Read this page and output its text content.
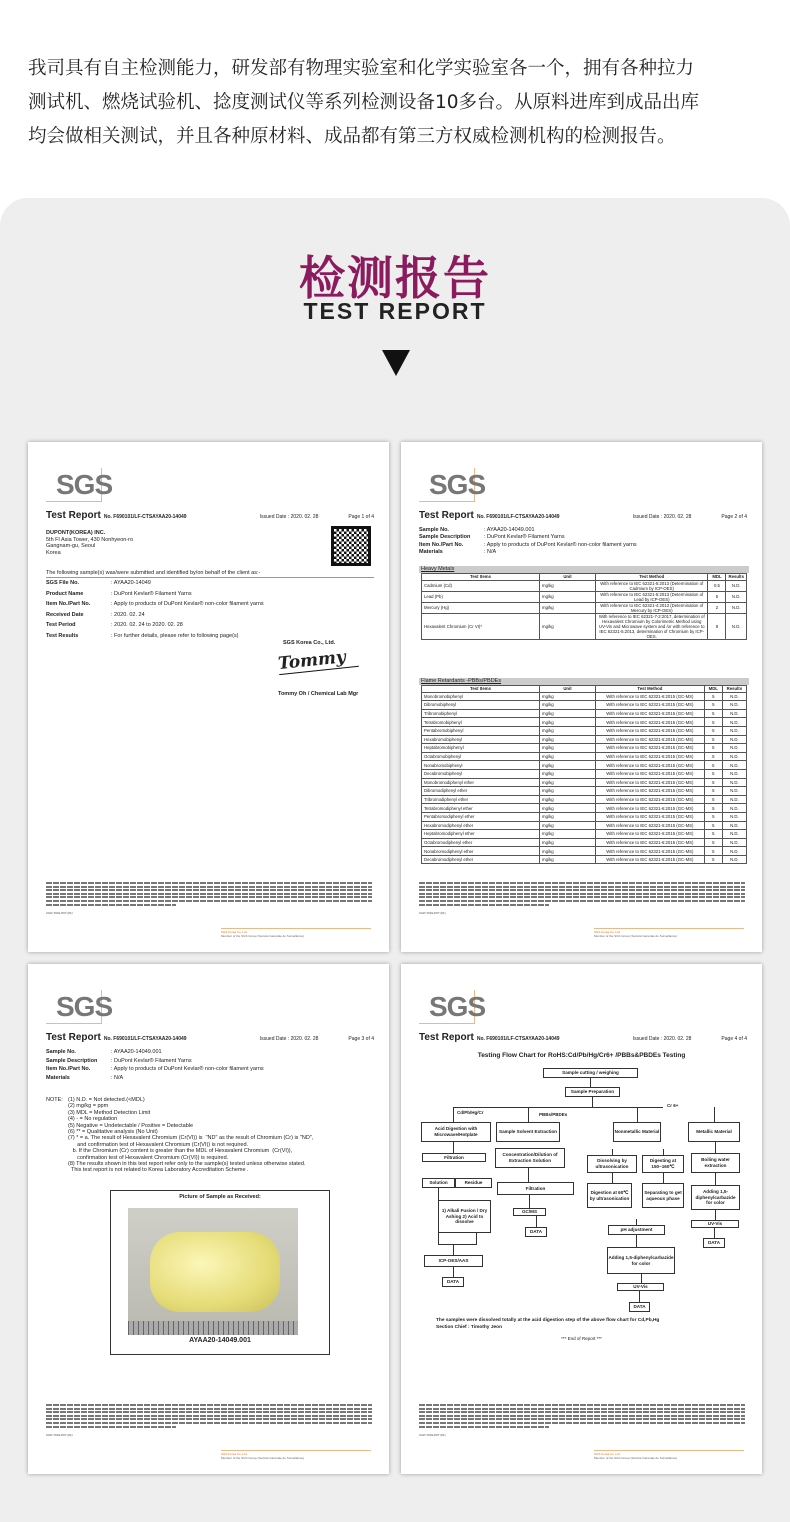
我司具有自主检测能力，研发部有物理实验室和化学实验室各一个，拥有各种拉力
测试机、燃烧试验机、捻度测试仪等系列检测设备10多台。从原料进库到成品出库
均会做相关测试，并且各种原材料、成品都有第三方权威检测机构的检测报告。
检测报告
TEST REPORT
SGS
Test Report No. F690101/LF-CTSAYAA20-14049	Issued Date : 2020. 02. 28	Page 1 of 4
DUPONT(KOREA) INC.
5th Fl Asia Tower, 430 Nonhyeon-ro
Gangnam-gu, Seoul
Korea
The following sample(s) was/were submitted and identified by/on behalf of the client as:-
SGS File No.	: AYAA20-14049
Product Name	: DuPont Kevlar® Filament Yarns
Item No./Part No.	: Apply to products of DuPont Kevlar® non-color filament yarns
Received Date	: 2020. 02. 24
Test Period	: 2020. 02. 24 to 2020. 02. 28
Test Results	: For further details, please refer to following page(s)
SGS Korea Co., Ltd.
Tommy
Tommy Oh / Chemical Lab Mgr
CGP-7001-P07 (01)
SGS Korea Co.,Ltd.
Member of the SGS Group (Société Générale de Surveillance)
SGS
Test Report No. F690101/LF-CTSAYAA20-14049	Issued Date : 2020. 02. 28	Page 2 of 4
Sample No.	: AYAA20-14049.001
Sample Description	: DuPont Kevlar® Filament Yarns
Item No./Part No.	: Apply to products of DuPont Kevlar® non-color filament yarns
Materials	: N/A
Heavy Metals
Test Items	Unit	Test Method	MDL	Results
Cadmium (Cd)	mg/kg	With reference to IEC 62321-5:2013 (Determination of Cadmium by ICP-OES)	0.5	N.D.
Lead (Pb)	mg/kg	With reference to IEC 62321-5:2013 (Determination of Lead by ICP-OES)	5	N.D.
Mercury (Hg)	mg/kg	With reference to IEC 62321-4:2013 (Determination of Mercury by ICP-OES)	2	N.D.
Hexavalent Chromium (Cr VI)*	mg/kg	With reference to IEC 62321-7-2:2017, determination of Hexavalent Chromium by Colorimetric Method using UV-Vis and Microwave system and /or with reference to IEC 62321-5:2013, determination of Chromium by ICP-OES.	8	N.D.
Flame Retardants -PBBs/PBDEs
Test Items	Unit	Test Method	MDL	Results
Monobromobiphenyl	mg/kg	With reference to IEC 62321-6:2015 (GC-MS)	5	N.D.
Dibromobiphenyl	mg/kg	With reference to IEC 62321-6:2015 (GC-MS)	5	N.D.
Tribromobiphenyl	mg/kg	With reference to IEC 62321-6:2015 (GC-MS)	5	N.D.
Tetrabromobiphenyl	mg/kg	With reference to IEC 62321-6:2015 (GC-MS)	5	N.D.
Pentabromobiphenyl	mg/kg	With reference to IEC 62321-6:2015 (GC-MS)	5	N.D.
Hexabromobiphenyl	mg/kg	With reference to IEC 62321-6:2015 (GC-MS)	5	N.D.
Heptabromobiphenyl	mg/kg	With reference to IEC 62321-6:2015 (GC-MS)	5	N.D.
Octabromobiphenyl	mg/kg	With reference to IEC 62321-6:2015 (GC-MS)	5	N.D.
Nonabromobiphenyl	mg/kg	With reference to IEC 62321-6:2015 (GC-MS)	5	N.D.
Decabromobiphenyl	mg/kg	With reference to IEC 62321-6:2015 (GC-MS)	5	N.D.
Monobromodiphenyl ether	mg/kg	With reference to IEC 62321-6:2015 (GC-MS)	5	N.D.
Dibromodiphenyl ether	mg/kg	With reference to IEC 62321-6:2015 (GC-MS)	5	N.D.
Tribromodiphenyl ether	mg/kg	With reference to IEC 62321-6:2015 (GC-MS)	5	N.D.
Tetrabromodiphenyl ether	mg/kg	With reference to IEC 62321-6:2015 (GC-MS)	5	N.D.
Pentabromodiphenyl ether	mg/kg	With reference to IEC 62321-6:2015 (GC-MS)	5	N.D.
Hexabromodiphenyl ether	mg/kg	With reference to IEC 62321-6:2015 (GC-MS)	5	N.D.
Heptabromodiphenyl ether	mg/kg	With reference to IEC 62321-6:2015 (GC-MS)	5	N.D.
Octabromodiphenyl ether	mg/kg	With reference to IEC 62321-6:2015 (GC-MS)	5	N.D.
Nonabromodiphenyl ether	mg/kg	With reference to IEC 62321-6:2015 (GC-MS)	5	N.D.
Decabromodiphenyl ether	mg/kg	With reference to IEC 62321-6:2015 (GC-MS)	5	N.D.
CGP-7001-P07 (01)
SGS Korea Co.,Ltd.
Member of the SGS Group (Société Générale de Surveillance)
SGS
Test Report No. F690101/LF-CTSAYAA20-14049	Issued Date : 2020. 02. 28	Page 3 of 4
Sample No.	: AYAA20-14049.001
Sample Description	: DuPont Kevlar® Filament Yarns
Item No./Part No.	: Apply to products of DuPont Kevlar® non-color filament yarns
Materials	: N/A
NOTE: (1) N.D. = Not detected.(<MDL)
(2) mg/kg = ppm
(3) MDL = Method Detection Limit
(4) - = No regulation
(5) Negative = Undetectable / Positive = Detectable
(6) ** = Qualitative analysis (No Unit)
(7) * = a. The result of Hexavalent Chromium (Cr(VI)) is  "ND" as the result of Chromium (Cr) is "ND",
and confirmation test of Hexavalent Chromium (Cr(VI)) is not required.
b. If the Chromium (Cr) content is greater than the MDL of Hexavalent Chromium  (Cr(VI)),
confirmation test of Hexavalent Chromium (Cr(VI)) is required.
(8) The results shown in this test report refer only to the sample(s) tested unless otherwise stated.
This test report is not related to Korea Laboratory Accreditation Scheme .
Picture of Sample as Received:
AYAA20-14049.001
CGP-7001-P07 (01)
SGS Korea Co.,Ltd.
Member of the SGS Group (Société Générale de Surveillance)
SGS
Test Report No. F690101/LF-CTSAYAA20-14049	Issued Date : 2020. 02. 28	Page 4 of 4
Testing Flow Chart for RoHS:Cd/Pb/Hg/Cr6+ /PBBs&PBDEs Testing
Sample cutting / weighing
Sample Preparation
Acid Digestion with Microwave/Hotplate
Sample Solvent Extraction	Nonmetallic Material	Metallic Material
Filtration	Concentration/Dilution of Extraction Solution	Dissolving by ultrasonication
Digesting at 150~160℃
Boiling water extraction
Solution	Residue
Filtration
1) Alkali Fusion / Dry Ashing 2) Acid to dissolve
Digestion at 60℃ by ultrasonication
Separating to get aqueous phase
Adding 1,5-diphenylcarbazide for color
GC/MS
DATA	pH adjustment
UV-Vis
DATA
ICP-OES/AAS
Adding 1,5-diphenylcarbazide for color
DATA
UV-Vis
DATA
Cd/Pb/Hg/Cr	PBBs/PBDEs
Cr 6+
The samples were dissolved totally at the acid digestion step of the above flow chart for Cd,Pb,Hg
Section Chief : Timothy Jeon
*** End of Report ***
CGP-7001-P07 (01)
SGS Korea Co.,Ltd.
Member of the SGS Group (Société Générale de Surveillance)
